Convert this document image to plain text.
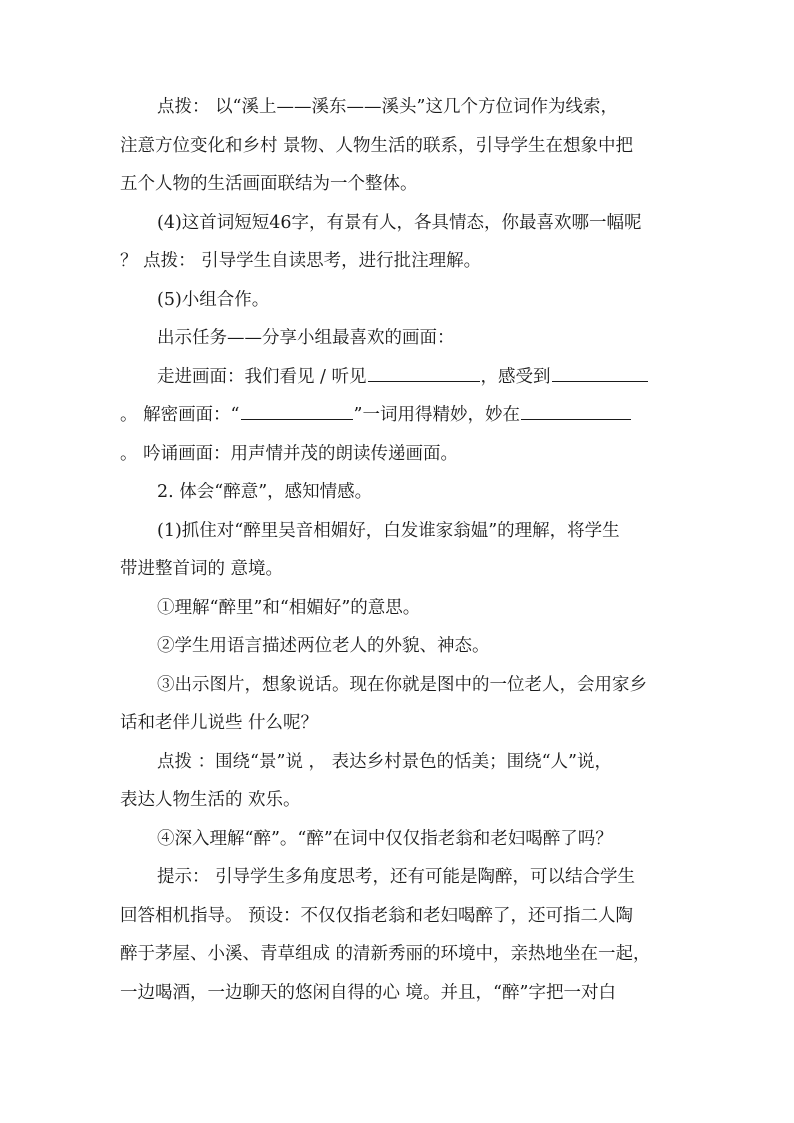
点拨： 以“溪上——溪东——溪头”这几个方位词作为线索，
注意方位变化和乡村 景物、人物生活的联系，引导学生在想象中把
五个人物的生活画面联结为一个整体。
(4)这首词短短46字，有景有人，各具情态，你最喜欢哪一幅呢
？ 点拨： 引导学生自读思考，进行批注理解。
(5)小组合作。
出示任务——分享小组最喜欢的画面：
走进画面：我们看见 / 听见	，感受到
。 解密画面：“	”一词用得精妙，妙在
。 吟诵画面：用声情并茂的朗读传递画面。
2. 体会“醉意”，感知情感。
(1)抓住对“醉里吴音相媚好，白发谁家翁媪”的理解，将学生
带进整首词的 意境。
①理解“醉里”和“相媚好”的意思。
②学生用语言描述两位老人的外貌、神态。
③出示图片，想象说话。现在你就是图中的一位老人，会用家乡
话和老伴儿说些 什么呢？
点拨 ：围绕“景”说 ， 表达乡村景色的恬美；围绕“人”说，
表达人物生活的 欢乐。
④深入理解“醉”。“醉”在词中仅仅指老翁和老妇喝醉了吗？
提示： 引导学生多角度思考，还有可能是陶醉，可以结合学生
回答相机指导。 预设：不仅仅指老翁和老妇喝醉了，还可指二人陶
醉于茅屋、小溪、青草组成 的清新秀丽的环境中，亲热地坐在一起，
一边喝酒，一边聊天的悠闲自得的心 境。并且，“醉”字把一对白
